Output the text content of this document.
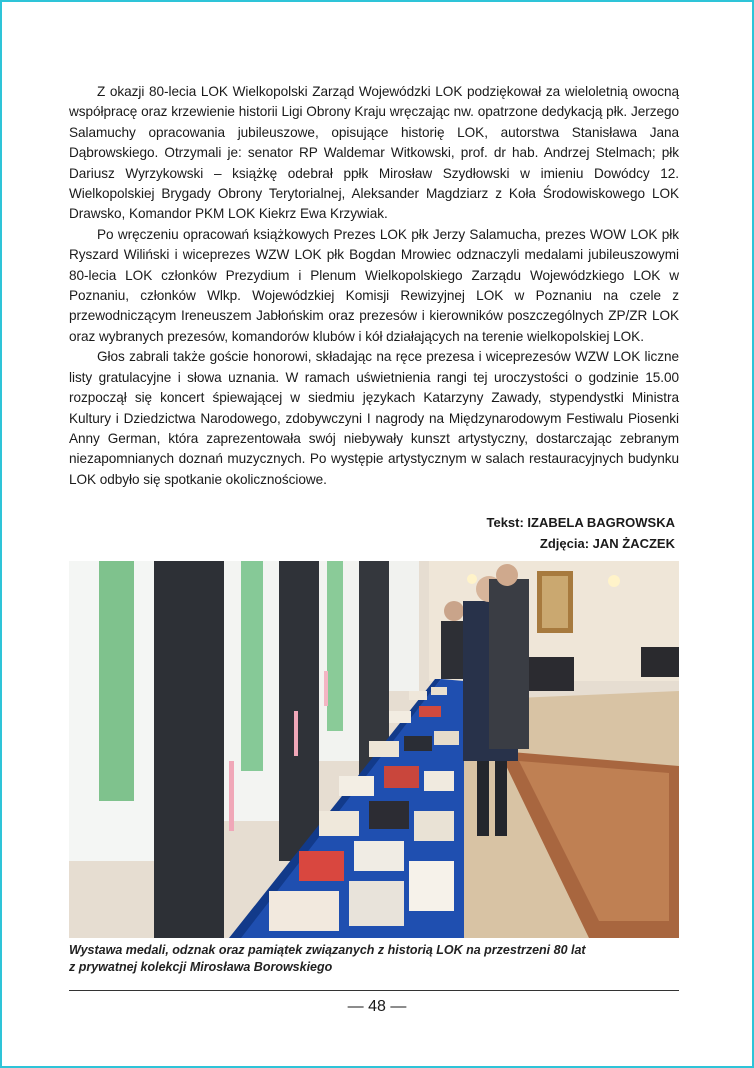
Z okazji 80-lecia LOK Wielkopolski Zarząd Wojewódzki LOK podziękował za wieloletnią owocną współpracę oraz krzewienie historii Ligi Obrony Kraju wręczając nw. opatrzone dedykacją płk. Jerzego Salamuchy opracowania jubileuszowe, opisujące historię LOK, autorstwa Stanisława Jana Dąbrowskiego. Otrzymali je: senator RP Waldemar Witkowski, prof. dr hab. Andrzej Stelmach; płk Dariusz Wyrzykowski – książkę odebrał ppłk Mirosław Szydłowski w imieniu Dowódcy 12. Wielkopolskiej Brygady Obrony Terytorialnej, Aleksander Magdziarz z Koła Środowiskowego LOK Drawsko, Komandor PKM LOK Kiekrz Ewa Krzywiak.

Po wręczeniu opracowań książkowych Prezes LOK płk Jerzy Salamucha, prezes WOW LOK płk Ryszard Wiliński i wiceprezes WZW LOK płk Bogdan Mrowiec odznaczyli medalami jubileuszowymi 80-lecia LOK członków Prezydium i Plenum Wielkopolskiego Zarządu Wojewódzkiego LOK w Poznaniu, członków Wlkp. Wojewódzkiej Komisji Rewizyjnej LOK w Poznaniu na czele z przewodniczącym Ireneuszem Jabłońskim oraz prezesów i kierowników poszczególnych ZP/ZR LOK oraz wybranych prezesów, komandorów klubów i kół działających na terenie wielkopolskiej LOK.

Głos zabrali także goście honorowi, składając na ręce prezesa i wiceprezesów WZW LOK liczne listy gratulacyjne i słowa uznania. W ramach uświetnienia rangi tej uroczystości o godzinie 15.00 rozpoczął się koncert śpiewającej w siedmiu językach Katarzyny Zawady, stypendystki Ministra Kultury i Dziedzictwa Narodowego, zdobywczyni I nagrody na Międzynarodowym Festiwalu Piosenki Anny German, która zaprezentowała swój niebywały kunszt artystyczny, dostarczając zebranym niezapomnianych doznań muzycznych. Po występie artystycznym w salach restauracyjnych budynku LOK odbyło się spotkanie okolicznościowe.

Tekst: IZABELA BAGROWSKA
Zdjęcia: JAN ŻACZEK
Wystawa medali, odznak oraz pamiątek związanych z historią LOK na przestrzeni 80 lat
z prywatnej kolekcji Mirosława Borowskiego
— 48 —
